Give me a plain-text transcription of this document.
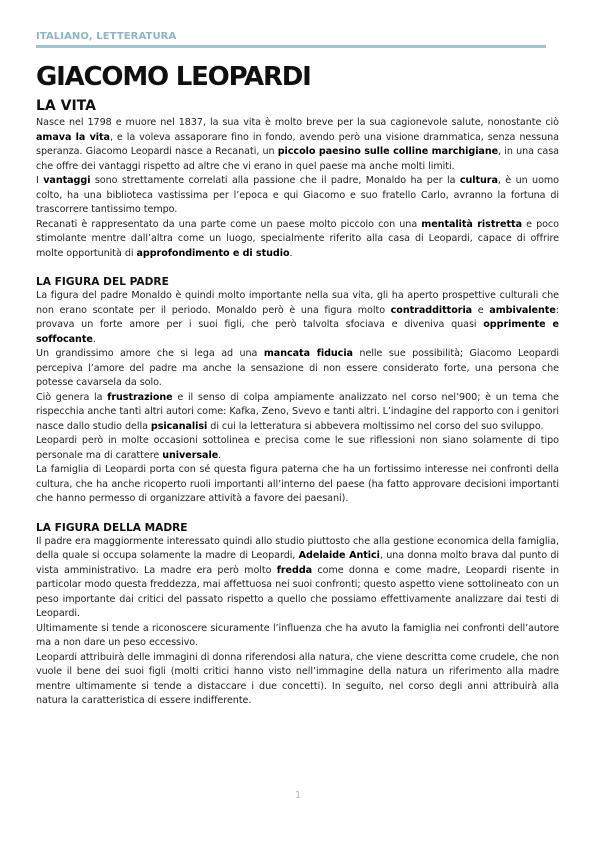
ITALIANO, LETTERATURA
GIACOMO LEOPARDI
LA VITA

Nasce nel 1798 e muore nel 1837, la sua vita è molto breve per la sua cagionevole salute, nonostante ciò amava la vita, e la voleva assaporare fino in fondo, avendo però una visione drammatica, senza nessuna speranza. Giacomo Leopardi nasce a Recanati, un piccolo paesino sulle colline marchigiane, in una casa che offre dei vantaggi rispetto ad altre che vi erano in quel paese ma anche molti limiti.

I vantaggi sono strettamente correlati alla passione che il padre, Monaldo ha per la cultura, è un uomo colto, ha una biblioteca vastissima per l’epoca e qui Giacomo e suo fratello Carlo, avranno la fortuna di trascorrere tantissimo tempo.

Recanati è rappresentato da una parte come un paese molto piccolo con una mentalità ristretta e poco stimolante mentre dall’altra come un luogo, specialmente riferito alla casa di Leopardi, capace di offrire molte opportunità di approfondimento e di studio.

LA FIGURA DEL PADRE

La figura del padre Monaldo è quindi molto importante nella sua vita, gli ha aperto prospettive culturali che non erano scontate per il periodo. Monaldo però è una figura molto contraddittoria e ambivalente: provava un forte amore per i suoi figli, che però talvolta sfociava e diveniva quasi opprimente e soffocante.

Un grandissimo amore che si lega ad una mancata fiducia nelle sue possibilità; Giacomo Leopardi percepiva l’amore del padre ma anche la sensazione di non essere considerato forte, una persona che potesse cavarsela da solo.

Ciò genera la frustrazione e il senso di colpa ampiamente analizzato nel corso nel’900; è un tema che rispecchia anche tanti altri autori come: Kafka, Zeno, Svevo e tanti altri. L’indagine del rapporto con i genitori nasce dallo studio della psicanalisi di cui la letteratura si abbevera moltissimo nel corso del suo sviluppo.

Leopardi però in molte occasioni sottolinea e precisa come le sue riflessioni non siano solamente di tipo personale ma di carattere universale.

La famiglia di Leopardi porta con sé questa figura paterna che ha un fortissimo interesse nei confronti della cultura, che ha anche ricoperto ruoli importanti all’interno del paese (ha fatto approvare decisioni importanti che hanno permesso di organizzare attività a favore dei paesani).

LA FIGURA DELLA MADRE

Il padre era maggiormente interessato quindi allo studio piuttosto che alla gestione economica della famiglia, della quale si occupa solamente la madre di Leopardi, Adelaide Antici, una donna molto brava dal punto di vista amministrativo. La madre era però molto fredda come donna e come madre, Leopardi risente in particolar modo questa freddezza, mai affettuosa nei suoi confronti; questo aspetto viene sottolineato con un peso importante dai critici del passato rispetto a quello che possiamo effettivamente analizzare dai testi di Leopardi.

Ultimamente si tende a riconoscere sicuramente l’influenza che ha avuto la famiglia nei confronti dell’autore ma a non dare un peso eccessivo.

Leopardi attribuirà delle immagini di donna riferendosi alla natura, che viene descritta come crudele, che non vuole il bene dei suoi figli (molti critici hanno visto nell’immagine della natura un riferimento alla madre mentre ultimamente si tende a distaccare i due concetti). In seguito, nel corso degli anni attribuirà alla natura la caratteristica di essere indifferente.

1
